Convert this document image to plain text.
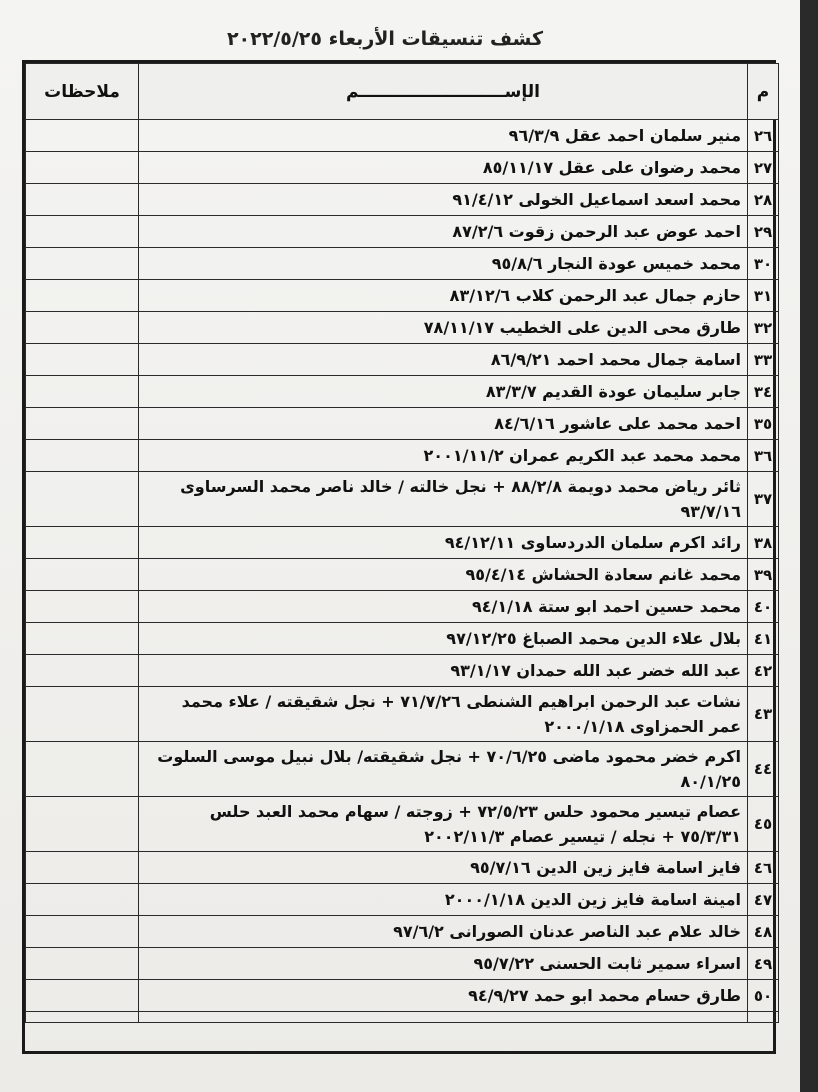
كشف تنسيقات الأربعاء ٢٠٢٢/٥/٢٥
م	الإســـــــــــــــــــــــــم	ملاحظات
٢٦	منير سلمان احمد عقل ٩٦/٣/٩	
٢٧	محمد رضوان على عقل ٨٥/١١/١٧	
٢٨	محمد اسعد اسماعيل الخولى ٩١/٤/١٢	
٢٩	احمد عوض عبد الرحمن زقوت ٨٧/٢/٦	
٣٠	محمد خميس عودة النجار ٩٥/٨/٦	
٣١	حازم جمال عبد الرحمن كلاب ٨٣/١٢/٦	
٣٢	طارق محى الدين على الخطيب ٧٨/١١/١٧	
٣٣	اسامة جمال محمد احمد ٨٦/٩/٢١	
٣٤	جابر سليمان عودة القديم ٨٣/٣/٧	
٣٥	احمد محمد على عاشور ٨٤/٦/١٦	
٣٦	محمد محمد عبد الكريم عمران ٢٠٠١/١١/٢	
٣٧	ثائر رياض محمد دويمة ٨٨/٢/٨ + نجل خالته / خالد ناصر محمد السرساوى ٩٣/٧/١٦	
٣٨	رائد اكرم سلمان الدردساوى ٩٤/١٢/١١	
٣٩	محمد غانم سعادة الحشاش ٩٥/٤/١٤	
٤٠	محمد حسين احمد ابو ستة ٩٤/١/١٨	
٤١	بلال علاء الدين محمد الصباغ ٩٧/١٢/٢٥	
٤٢	عبد الله خضر عبد الله حمدان ٩٣/١/١٧	
٤٣	نشات عبد الرحمن ابراهيم الشنطى ٧١/٧/٢٦ + نجل شقيقته / علاء محمد عمر الحمزاوى ٢٠٠٠/١/١٨	
٤٤	اكرم خضر محمود ماضى ٧٠/٦/٢٥ + نجل شقيقته/ بلال نبيل موسى السلوت ٨٠/١/٢٥	
٤٥	عصام تيسير محمود حلس ٧٢/٥/٢٣ + زوجته / سهام محمد العبد حلس ٧٥/٣/٣١ + نجله / تيسير عصام ٢٠٠٢/١١/٣	
٤٦	فايز اسامة فايز زين الدين ٩٥/٧/١٦	
٤٧	امينة اسامة فايز زين الدين ٢٠٠٠/١/١٨	
٤٨	خالد علام عبد الناصر عدنان الصورانى ٩٧/٦/٢	
٤٩	اسراء سمير ثابت الحسنى ٩٥/٧/٢٢	
٥٠	طارق حسام محمد ابو حمد ٩٤/٩/٢٧	
